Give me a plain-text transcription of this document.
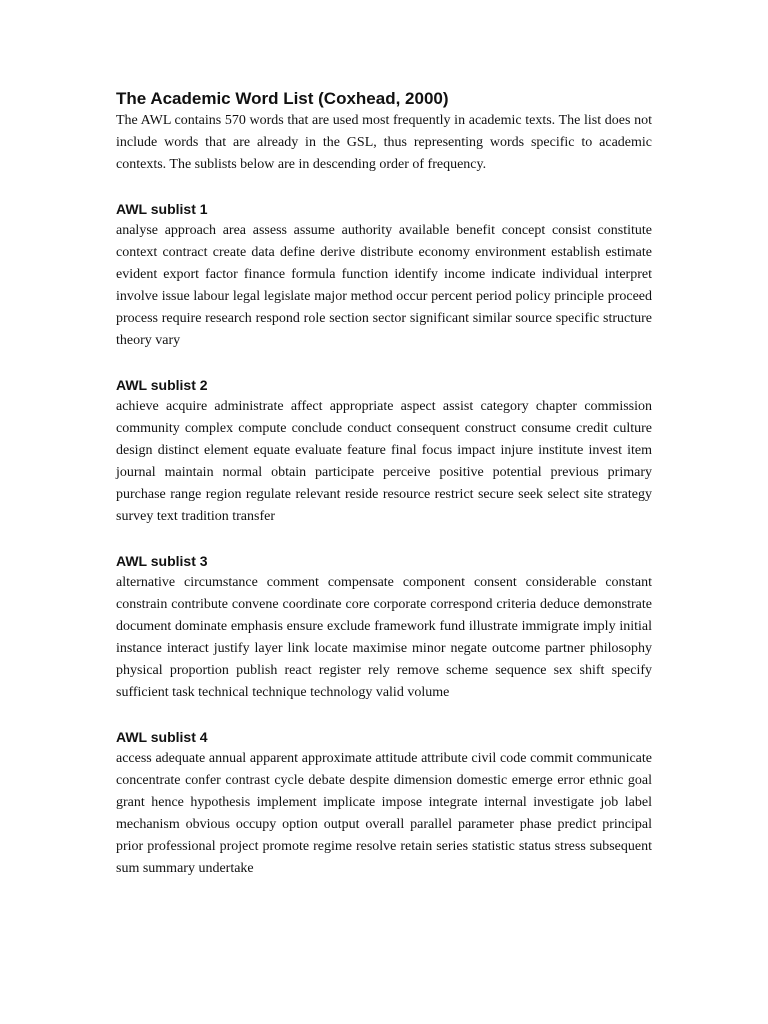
The Academic Word List (Coxhead, 2000)

The AWL contains 570 words that are used most frequently in academic texts. The list does not include words that are already in the GSL, thus representing words specific to academic contexts. The sublists below are in descending order of frequency.

AWL sublist 1

analyse approach area assess assume authority available benefit concept consist constitute context contract create data define derive distribute economy environment establish estimate evident export factor finance formula function identify income indicate individual interpret involve issue labour legal legislate major method occur percent period policy principle proceed process require research respond role section sector significant similar source specific structure theory vary

AWL sublist 2

achieve acquire administrate affect appropriate aspect assist category chapter commission community complex compute conclude conduct consequent construct consume credit culture design distinct element equate evaluate feature final focus impact injure institute invest item journal maintain normal obtain participate perceive positive potential previous primary purchase range region regulate relevant reside resource restrict secure seek select site strategy survey text tradition transfer

AWL sublist 3

alternative circumstance comment compensate component consent considerable constant constrain contribute convene coordinate core corporate correspond criteria deduce demonstrate document dominate emphasis ensure exclude framework fund illustrate immigrate imply initial instance interact justify layer link locate maximise minor negate outcome partner philosophy physical proportion publish react register rely remove scheme sequence sex shift specify sufficient task technical technique technology valid volume

AWL sublist 4

access adequate annual apparent approximate attitude attribute civil code commit communicate concentrate confer contrast cycle debate despite dimension domestic emerge error ethnic goal grant hence hypothesis implement implicate impose integrate internal investigate job label mechanism obvious occupy option output overall parallel parameter phase predict principal prior professional project promote regime resolve retain series statistic status stress subsequent sum summary undertake
